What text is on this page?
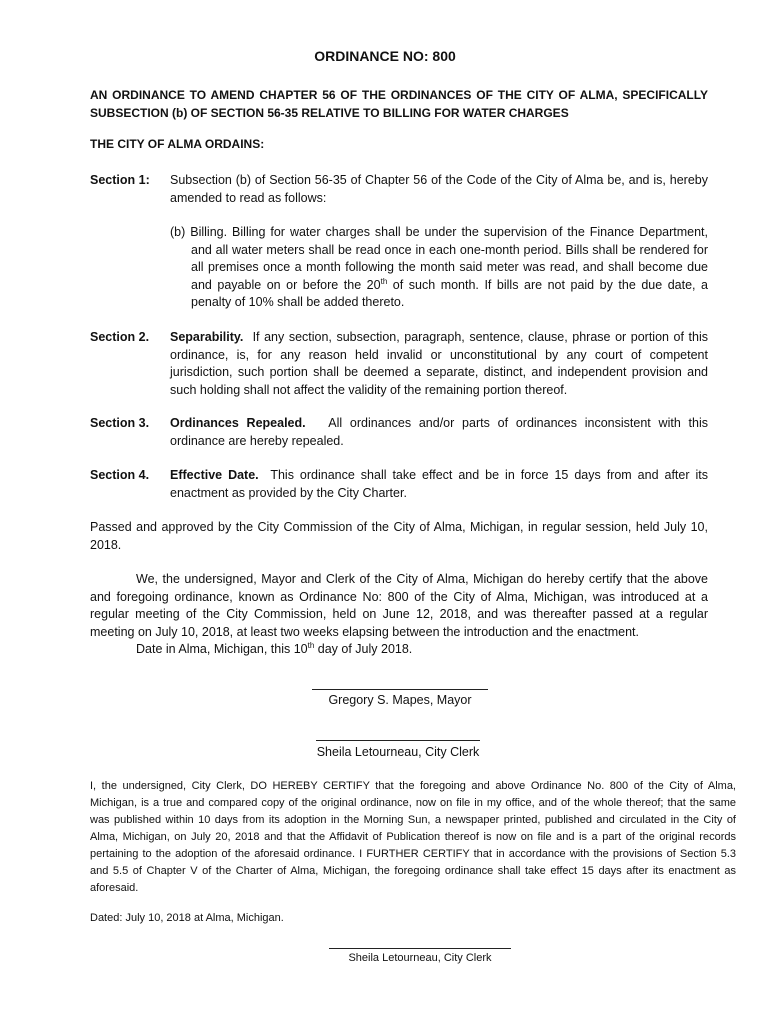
ORDINANCE NO: 800
AN ORDINANCE TO AMEND CHAPTER 56 OF THE ORDINANCES OF THE CITY OF ALMA, SPECIFICALLY SUBSECTION (b) OF SECTION 56-35 RELATIVE TO BILLING FOR WATER CHARGES
THE CITY OF ALMA ORDAINS:
Section 1: Subsection (b) of Section 56-35 of Chapter 56 of the Code of the City of Alma be, and is, hereby amended to read as follows:
(b) Billing. Billing for water charges shall be under the supervision of the Finance Department, and all water meters shall be read once in each one-month period. Bills shall be rendered for all premises once a month following the month said meter was read, and shall become due and payable on or before the 20th of such month. If bills are not paid by the due date, a penalty of 10% shall be added thereto.
Section 2. Separability. If any section, subsection, paragraph, sentence, clause, phrase or portion of this ordinance, is, for any reason held invalid or unconstitutional by any court of competent jurisdiction, such portion shall be deemed a separate, distinct, and independent provision and such holding shall not affect the validity of the remaining portion thereof.
Section 3. Ordinances Repealed. All ordinances and/or parts of ordinances inconsistent with this ordinance are hereby repealed.
Section 4. Effective Date. This ordinance shall take effect and be in force 15 days from and after its enactment as provided by the City Charter.
Passed and approved by the City Commission of the City of Alma, Michigan, in regular session, held July 10, 2018.
We, the undersigned, Mayor and Clerk of the City of Alma, Michigan do hereby certify that the above and foregoing ordinance, known as Ordinance No: 800 of the City of Alma, Michigan, was introduced at a regular meeting of the City Commission, held on June 12, 2018, and was thereafter passed at a regular meeting on July 10, 2018, at least two weeks elapsing between the introduction and the enactment.
Date in Alma, Michigan, this 10th day of July 2018.
Gregory S. Mapes, Mayor
Sheila Letourneau, City Clerk
I, the undersigned, City Clerk, DO HEREBY CERTIFY that the foregoing and above Ordinance No. 800 of the City of Alma, Michigan, is a true and compared copy of the original ordinance, now on file in my office, and of the whole thereof; that the same was published within 10 days from its adoption in the Morning Sun, a newspaper printed, published and circulated in the City of Alma, Michigan, on July 20, 2018 and that the Affidavit of Publication thereof is now on file and is a part of the original records pertaining to the adoption of the aforesaid ordinance. I FURTHER CERTIFY that in accordance with the provisions of Section 5.3 and 5.5 of Chapter V of the Charter of Alma, Michigan, the foregoing ordinance shall take effect 15 days after its enactment as aforesaid.
Dated: July 10, 2018 at Alma, Michigan.
Sheila Letourneau, City Clerk
